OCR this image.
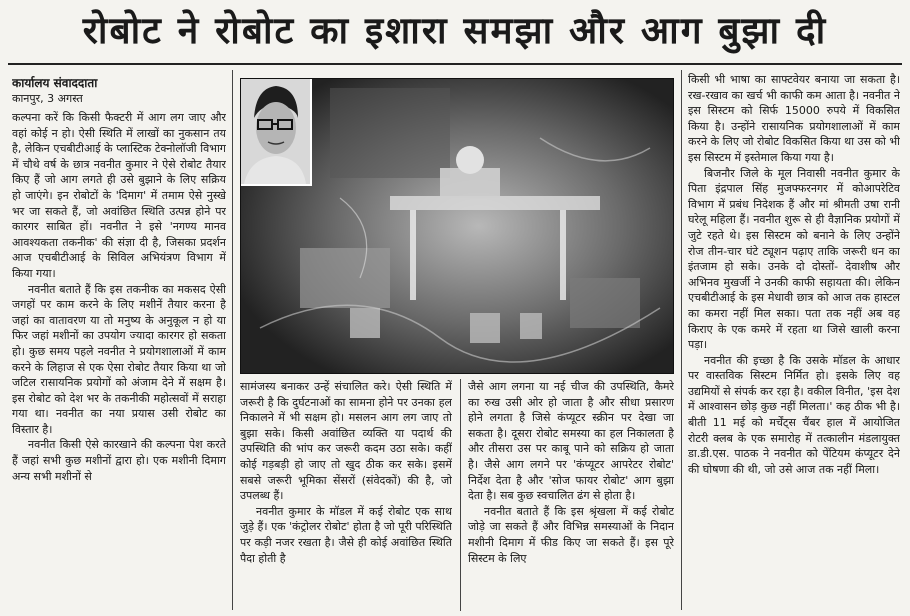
रोबोट ने रोबोट का इशारा समझा और आग बुझा दी
कार्यालय संवाददाता
कानपुर, 3 अगस्त

कल्पना करें कि किसी फैक्टरी में आग लग जाए और वहां कोई न हो। ऐसी स्थिति में लाखों का नुकसान तय है, लेकिन एचबीटीआई के प्लास्टिक टेक्नोलॉजी विभाग में चौथे वर्ष के छात्र नवनीत कुमार ने ऐसे रोबोट तैयार किए हैं जो आग लगते ही उसे बुझाने के लिए सक्रिय हो जाएंगे। इन रोबोटों के 'दिमाग' में तमाम ऐसे नुस्खे भर जा सकते हैं, जो अवांछित स्थिति उत्पन्न होने पर कारगर साबित हों। नवनीत ने इसे 'नगण्य मानव आवश्यकता तकनीक' की संज्ञा दी है, जिसका प्रदर्शन आज एचबीटीआई के सिविल अभियंत्रण विभाग में किया गया।

नवनीत बताते हैं कि इस तकनीक का मकसद ऐसी जगहों पर काम करने के लिए मशीनें तैयार करना है जहां का वातावरण या तो मनुष्य के अनुकूल न हो या फिर जहां मशीनों का उपयोग ज्यादा कारगर हो सकता हो। कुछ समय पहले नवनीत ने प्रयोगशालाओं में काम करने के लिहाज से एक ऐसा रोबोट तैयार किया था जो जटिल रासायनिक प्रयोगों को अंजाम देने में सक्षम है। इस रोबोट को देश भर के तकनीकी महोत्सवों में सराहा गया था। नवनीत का नया प्रयास उसी रोबोट का विस्तार है।

नवनीत किसी ऐसे कारखाने की कल्पना पेश करते हैं जहां सभी कुछ मशीनों द्वारा हो। एक मशीनी दिमाग अन्य सभी मशीनों से

सामंजस्य बनाकर उन्हें संचालित करे। ऐसी स्थिति में जरूरी है कि दुर्घटनाओं का सामना होने पर उनका हल निकालने में भी सक्षम हो। मसलन आग लग जाए तो बुझा सके। किसी अवांछित व्यक्ति या पदार्थ की उपस्थिति की भांप कर जरूरी कदम उठा सके। कहीं कोई गड़बड़ी हो जाए तो खुद ठीक कर सके। इसमें सबसे जरूरी भूमिका सेंसरों (संवेदकों) की है, जो उपलब्ध हैं।

नवनीत कुमार के मॉडल में कई रोबोट एक साथ जुड़े हैं। एक 'कंट्रोलर रोबोट' होता है जो पूरी परिस्थिति पर कड़ी नजर रखता है। जैसे ही कोई अवांछित स्थिति पैदा होती है

जैसे आग लगना या नई चीज की उपस्थिति, कैमरे का रुख उसी ओर हो जाता है और सीधा प्रसारण होने लगता है जिसे कंप्यूटर स्क्रीन पर देखा जा सकता है। दूसरा रोबोट समस्या का हल निकालता है और तीसरा उस पर काबू पाने को सक्रिय हो जाता है। जैसे आग लगने पर 'कंप्यूटर आपरेटर रोबोट' निर्देश देता है और 'सोज फायर रोबोट' आग बुझा देता है। सब कुछ स्वचालित ढंग से होता है।

नवनीत बताते हैं कि इस श्रृंखला में कई रोबोट जोड़े जा सकते हैं और विभिन्न समस्याओं के निदान मशीनी दिमाग में फीड किए जा सकते हैं। इस पूरे सिस्टम के लिए

किसी भी भाषा का साफ्टवेयर बनाया जा सकता है। रख-रखाव का खर्च भी काफी कम आता है। नवनीत ने इस सिस्टम को सिर्फ 15000 रुपये में विकसित किया है। उन्होंने रासायनिक प्रयोगशालाओं में काम करने के लिए जो रोबोट विकसित किया था उस को भी इस सिस्टम में इस्तेमाल किया गया है।

बिजनौर जिले के मूल निवासी नवनीत कुमार के पिता इंद्रपाल सिंह मुजफ्फरनगर में कोआपरेटिव विभाग में प्रबंध निदेशक हैं और मां श्रीमती उषा रानी घरेलू महिला हैं। नवनीत शुरू से ही वैज्ञानिक प्रयोगों में जुटे रहते थे। इस सिस्टम को बनाने के लिए उन्होंने रोज तीन-चार घंटे ट्यूशन पढ़ाए ताकि जरूरी धन का इंतजाम हो सके। उनके दो दोस्तों- देवाशीष और अभिनव मुखर्जी ने उनकी काफी सहायता की। लेकिन एचबीटीआई के इस मेधावी छात्र को आज तक हास्टल का कमरा नहीं मिल सका। पता तक नहीं अब वह किराए के एक कमरे में रहता था जिसे खाली करना पड़ा।

नवनीत की इच्छा है कि उसके मॉडल के आधार पर वास्तविक सिस्टम निर्मित हो। इसके लिए वह उद्यमियों से संपर्क कर रहा है। वकील विनीत, 'इस देश में आश्वासन छोड़ कुछ नहीं मिलता।' कह ठीक भी है। बीती 11 मई को मर्चेंट्स चैंबर हाल में आयोजित रोटरी क्लब के एक समारोह में तत्कालीन मंडलायुक्त डा.डी.एस. पाठक ने नवनीत को पेंटियम कंप्यूटर देने की घोषणा की थी, जो उसे आज तक नहीं मिला।
